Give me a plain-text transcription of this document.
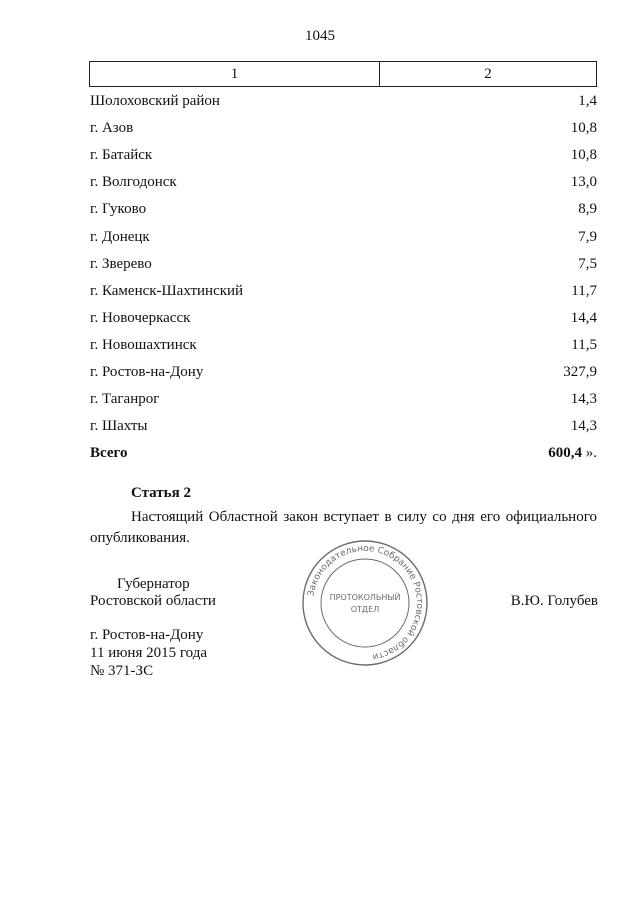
1045
1	2
Шолоховский район	1,4
г. Азов	10,8
г. Батайск	10,8
г. Волгодонск	13,0
г. Гуково	8,9
г. Донецк	7,9
г. Зверево	7,5
г. Каменск-Шахтинский	11,7
г. Новочеркасск	14,4
г. Новошахтинск	11,5
г. Ростов-на-Дону	327,9
г. Таганрог	14,3
г. Шахты	14,3
Всего	600,4 ».
Статья 2
Настоящий Областной закон вступает в силу со дня его официального опубликования.
Губернатор
Ростовской области	В.Ю. Голубев
г. Ростов-на-Дону
11 июня 2015 года
№ 371-ЗС
Законодательное Собрание Ростовской области
ПРОТОКОЛЬНЫЙ
ОТДЕЛ
